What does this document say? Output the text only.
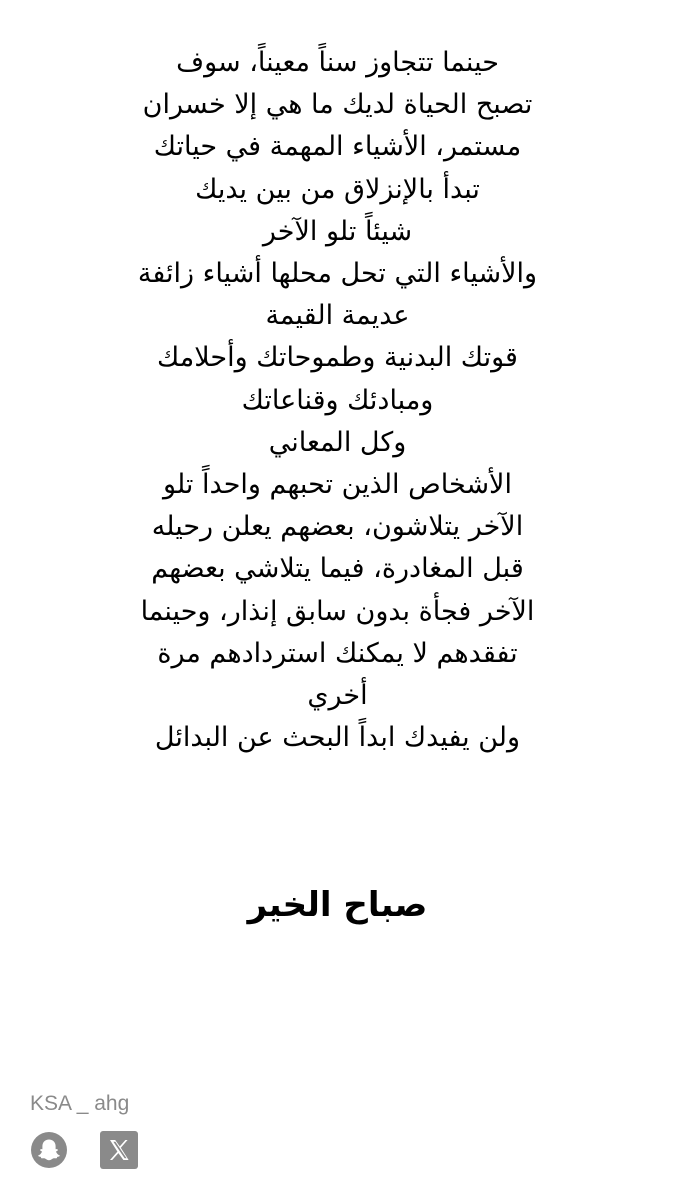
حينما تتجاوز سناً معيناً، سوف
تصبح الحياة لديك ما هي إلا خسران
مستمر، الأشياء المهمة في حياتك
تبدأ بالإنزلاق من بين يديك
شيئاً تلو الآخر
والأشياء التي تحل محلها أشياء زائفة
عديمة القيمة
قوتك البدنية وطموحاتك وأحلامك
ومبادئك وقناعاتك
وكل المعاني
الأشخاص الذين تحبهم واحداً تلو
الآخر يتلاشون، بعضهم يعلن رحيله
قبل المغادرة، فيما يتلاشي بعضهم
الآخر فجأة بدون سابق إنذار، وحينما
تفقدهم لا يمكنك استردادهم مرة
أخري
ولن يفيدك ابداً البحث عن البدائل
صباح الخير
KSA _ ahg
